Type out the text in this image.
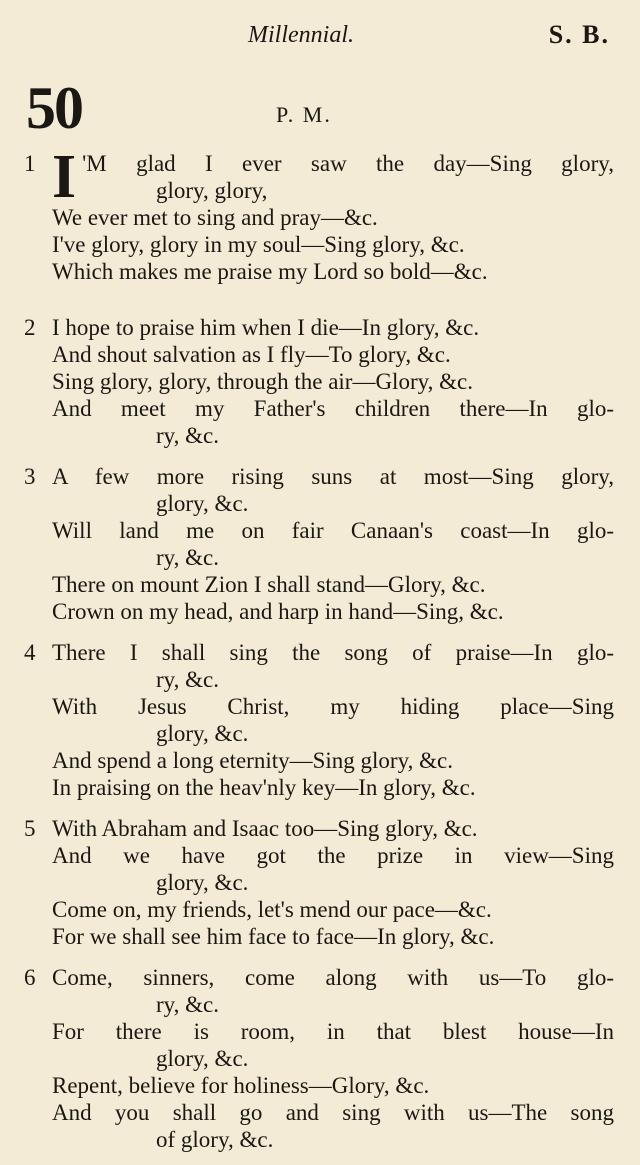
Millennial.	S. B.
50	P. M.
1 I 'M glad I ever saw the day—Sing glory,
glory, glory,
We ever met to sing and pray—&c.
I've glory, glory in my soul—Sing glory, &c.
Which makes me praise my Lord so bold—&c.
2 I hope to praise him when I die—In glory, &c.
And shout salvation as I fly—To glory, &c.
Sing glory, glory, through the air—Glory, &c.
And meet my Father's children there—In glo-
ry, &c.
3 A few more rising suns at most—Sing glory,
glory, &c.
Will land me on fair Canaan's coast—In glo-
ry, &c.
There on mount Zion I shall stand—Glory, &c.
Crown on my head, and harp in hand—Sing, &c.
4 There I shall sing the song of praise—In glo-
ry, &c.
With Jesus Christ, my hiding place—Sing
glory, &c.
And spend a long eternity—Sing glory, &c.
In praising on the heav'nly key—In glory, &c.
5 With Abraham and Isaac too—Sing glory, &c.
And we have got the prize in view—Sing
glory, &c.
Come on, my friends, let's mend our pace—&c.
For we shall see him face to face—In glory, &c.
6 Come, sinners, come along with us—To glo-
ry, &c.
For there is room, in that blest house—In
glory, &c.
Repent, believe for holiness—Glory, &c.
And you shall go and sing with us—The song
of glory, &c.
